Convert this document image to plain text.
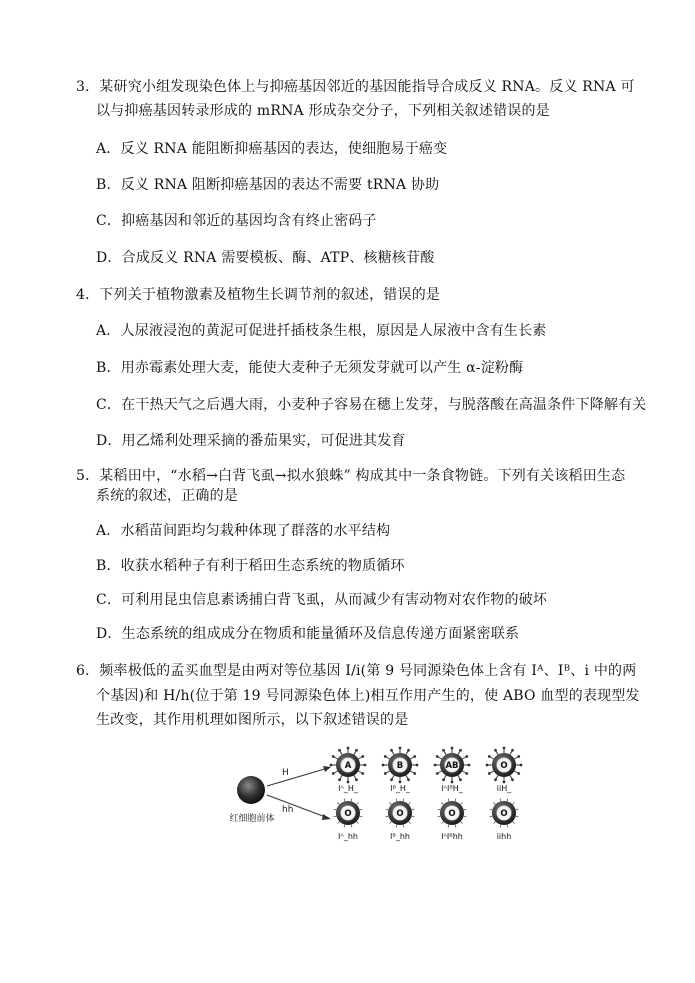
3．某研究小组发现染色体上与抑癌基因邻近的基因能指导合成反义 RNA。反义 RNA 可
以与抑癌基因转录形成的 mRNA 形成杂交分子，下列相关叙述错误的是
A．反义 RNA 能阻断抑癌基因的表达，使细胞易于癌变
B．反义 RNA 阻断抑癌基因的表达不需要 tRNA 协助
C．抑癌基因和邻近的基因均含有终止密码子
D．合成反义 RNA 需要模板、酶、ATP、核糖核苷酸
4．下列关于植物激素及植物生长调节剂的叙述，错误的是
A．人尿液浸泡的黄泥可促进扦插枝条生根，原因是人尿液中含有生长素
B．用赤霉素处理大麦，能使大麦种子无须发芽就可以产生 α-淀粉酶
C．在干热天气之后遇大雨，小麦种子容易在穗上发芽，与脱落酸在高温条件下降解有关
D．用乙烯利处理采摘的番茄果实，可促进其发育
5．某稻田中，“水稻→白背飞虱→拟水狼蛛” 构成其中一条食物链。下列有关该稻田生态
系统的叙述，正确的是
A．水稻苗间距均匀栽种体现了群落的水平结构
B．收获水稻种子有利于稻田生态系统的物质循环
C．可利用昆虫信息素诱捕白背飞虱，从而减少有害动物对农作物的破坏
D．生态系统的组成成分在物质和能量循环及信息传递方面紧密联系
6．频率极低的孟买血型是由两对等位基因 I/i(第 9 号同源染色体上含有 Iᴬ、Iᴮ、i 中的两
个基因)和 H/h(位于第 19 号同源染色体上)相互作用产生的，使 ABO 血型的表现型发
生改变，其作用机理如图所示，以下叙述错误的是
红细胞前体
H
hh
A
Iᴬ_H_
B
Iᴮ_H_
AB
IᴬIᴮH_
O
iiH_
O
Iᴬ_hh
O
Iᴮ_hh
O
IᴬIᴮhh
O
iihh
